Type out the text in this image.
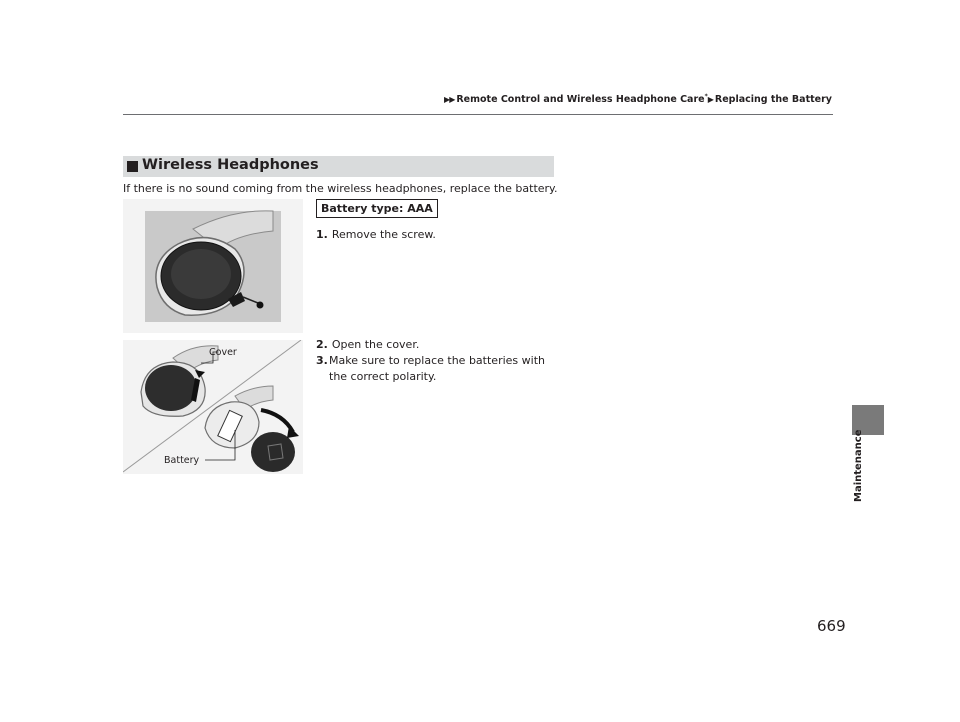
▶▶ Remote Control and Wireless Headphone Care*▶ Replacing the Battery
Maintenance
Wireless Headphones
If there is no sound coming from the wireless headphones, replace the battery.
Battery type: AAA
1. Remove the screw.
2. Open the cover.
3. Make sure to replace the batteries with the correct polarity.
Cover
Battery
669
